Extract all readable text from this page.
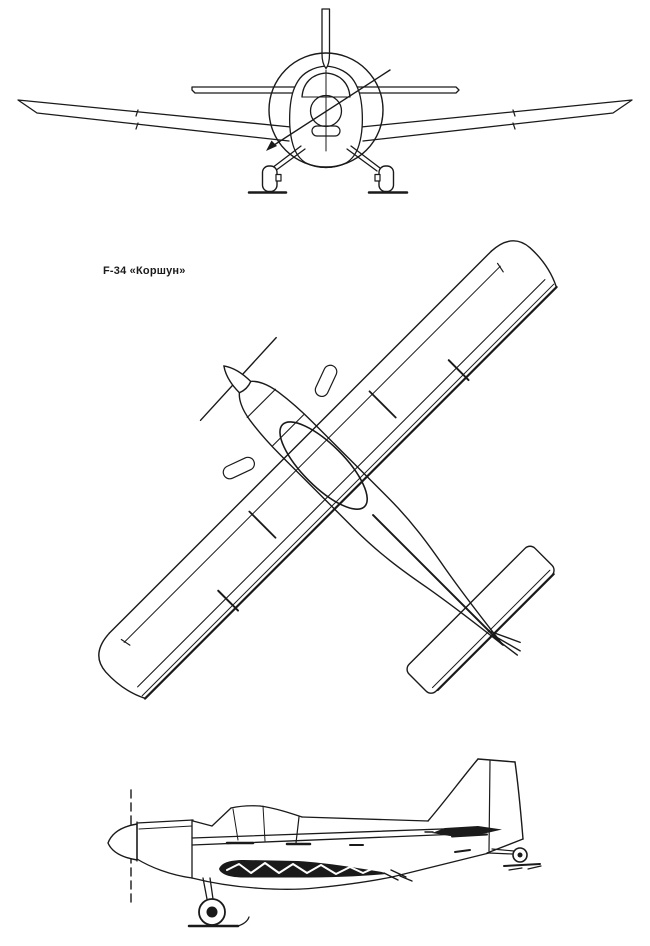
F-34 «Коршун»
